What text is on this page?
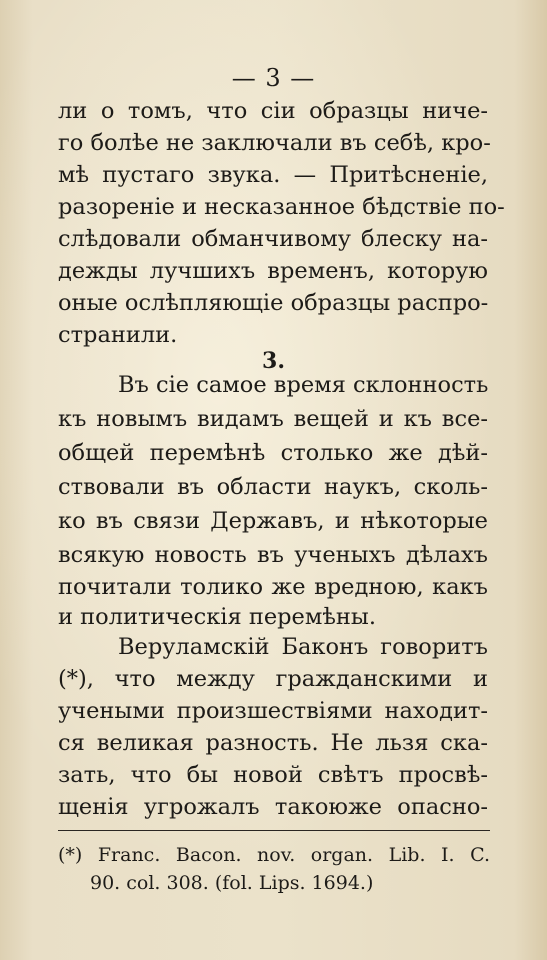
— 3 —
ли о томъ, что сіи образцы ниче-
го болѣе не заключали въ себѣ, кро-
мѣ пустаго звука. — Притѣсненіе,
разореніе и несказанное бѣдствіе по-
слѣдовали обманчивому блеску на-
дежды лучшихъ временъ, которую
оные ослѣпляющіе образцы распро-
странили.
3.
Въ сіе самое время склонность
къ новымъ видамъ вещей и къ все-
общей перемѣнѣ столько же дѣй-
ствовали въ области наукъ, сколь-
ко въ связи Державъ, и нѣкоторые
всякую новость въ ученыхъ дѣлахъ
почитали толико же вредною, какъ
и политическія перемѣны.
Веруламскій Баконъ говоритъ
(*), что между гражданскими и
учеными произшествіями находит-
ся великая разность. Не льзя ска-
зать, что бы новой свѣтъ просвѣ-
щенія угрожалъ такоюже опасно-
(*) Franc. Bacon. nov. organ. Lib. I. C.
90. col. 308. (fol. Lips. 1694.)
